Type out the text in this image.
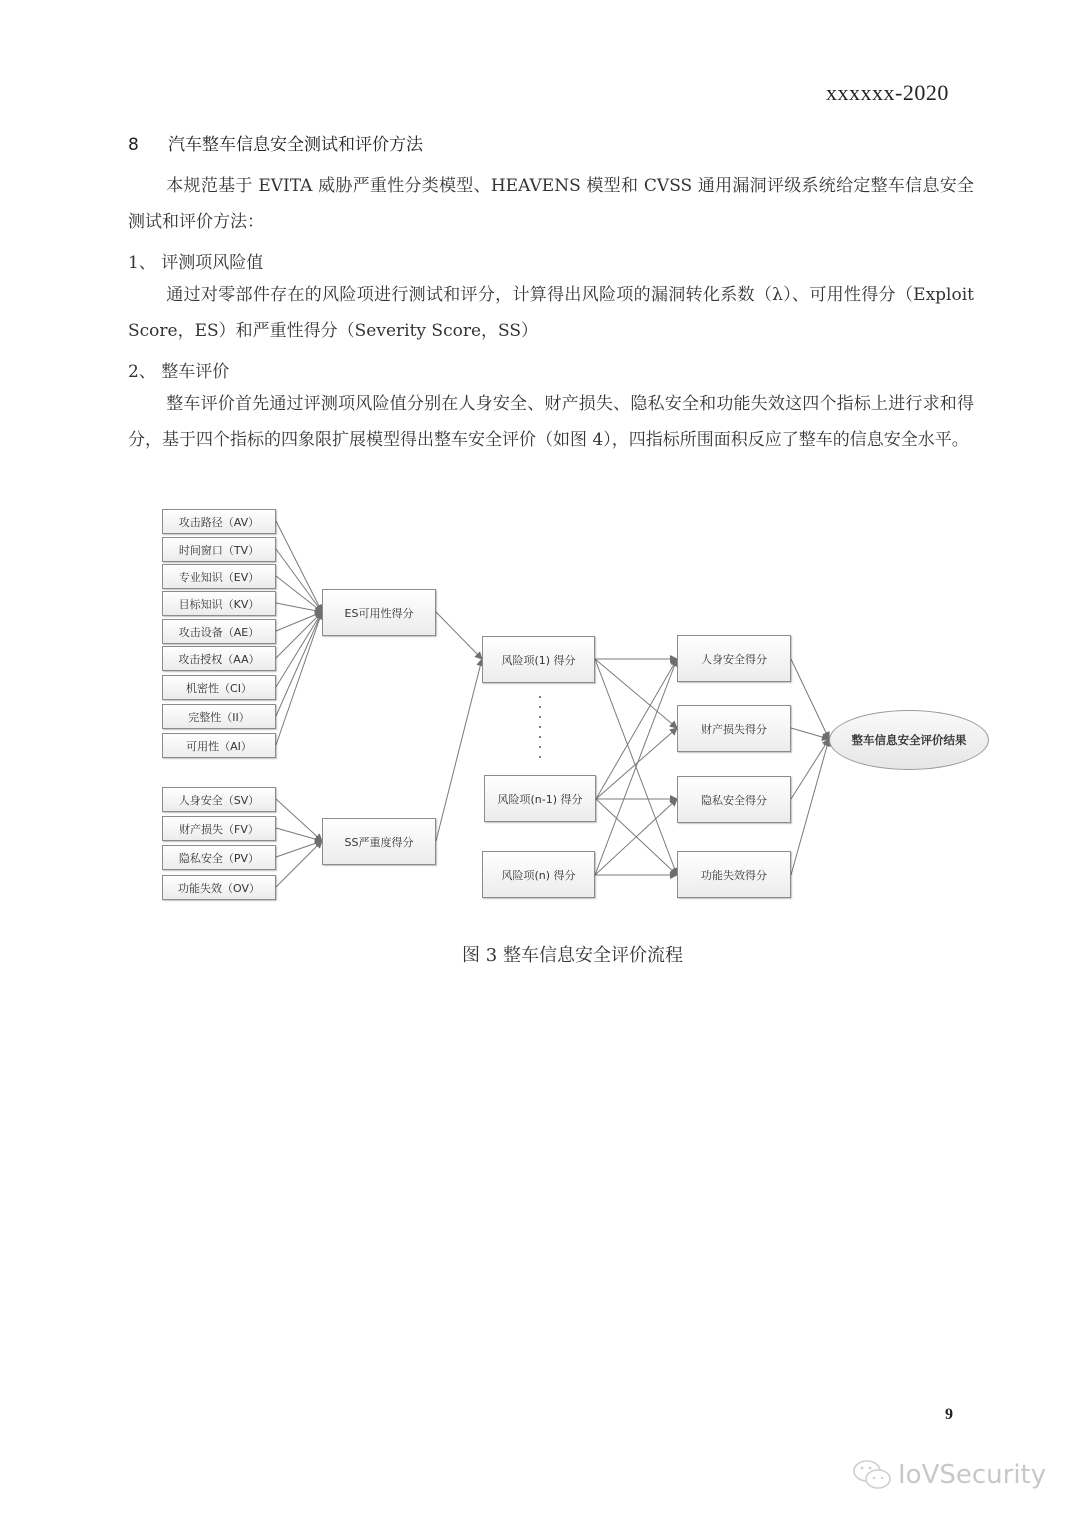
xxxxxx-2020
8 汽车整车信息安全测试和评价方法
本规范基于 EVITA 威胁严重性分类模型、HEAVENS 模型和 CVSS 通用漏洞评级系统给定整车信息安全测试和评价方法：
1、 评测项风险值
通过对零部件存在的风险项进行测试和评分，计算得出风险项的漏洞转化系数（λ）、可用性得分（Exploit Score，ES）和严重性得分（Severity Score，SS）
2、 整车评价
整车评价首先通过评测项风险值分别在人身安全、财产损失、隐私安全和功能失效这四个指标上进行求和得分，基于四个指标的四象限扩展模型得出整车安全评价（如图 4），四指标所围面积反应了整车的信息安全水平。
攻击路径（AV）
时间窗口（TV）
专业知识（EV）
目标知识（KV）
攻击设备（AE）
攻击授权（AA）
机密性（CI）
完整性（II）
可用性（AI）
人身安全（SV）
财产损失（FV）
隐私安全（PV）
功能失效（OV）
ES可用性得分
SS严重度得分
风险项(1) 得分
风险项(n-1) 得分
风险项(n) 得分
人身安全得分
财产损失得分
隐私安全得分
功能失效得分
整车信息安全评价结果
图 3 整车信息安全评价流程
9
IoVSecurity
